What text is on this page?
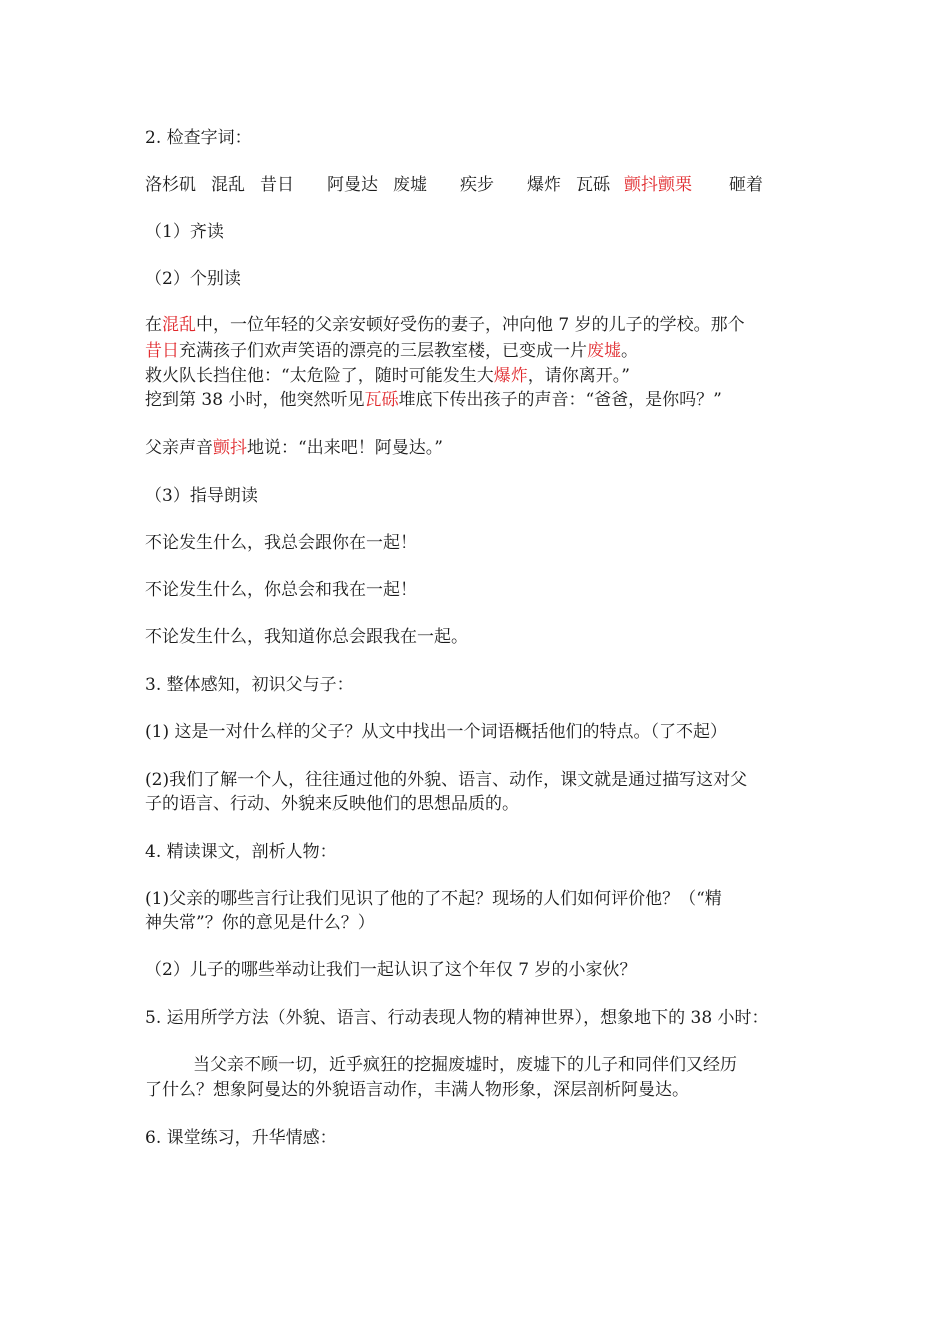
2. 检查字词：
洛杉矶 混乱 昔日 阿曼达 废墟 疾步 爆炸 瓦砾 颤抖颤栗 砸着
（1）齐读
（2）个别读
在混乱中，一位年轻的父亲安顿好受伤的妻子，冲向他 7 岁的儿子的学校。那个
昔日充满孩子们欢声笑语的漂亮的三层教室楼，已变成一片废墟。
救火队长挡住他：“太危险了，随时可能发生大爆炸，请你离开。”
挖到第 38 小时，他突然听见瓦砾堆底下传出孩子的声音：“爸爸，是你吗？”
父亲声音颤抖地说：“出来吧！阿曼达。”
（3）指导朗读
不论发生什么，我总会跟你在一起！
不论发生什么，你总会和我在一起！
不论发生什么，我知道你总会跟我在一起。
3. 整体感知，初识父与子：
(1) 这是一对什么样的父子？从文中找出一个词语概括他们的特点。（了不起）
(2)我们了解一个人，往往通过他的外貌、语言、动作，课文就是通过描写这对父
子的语言、行动、外貌来反映他们的思想品质的。
4. 精读课文，剖析人物：
(1)父亲的哪些言行让我们见识了他的了不起？现场的人们如何评价他？（“精
神失常”？你的意见是什么？）
（2）儿子的哪些举动让我们一起认识了这个年仅 7 岁的小家伙？
5. 运用所学方法（外貌、语言、行动表现人物的精神世界），想象地下的 38 小时：
当父亲不顾一切，近乎疯狂的挖掘废墟时，废墟下的儿子和同伴们又经历
了什么？想象阿曼达的外貌语言动作，丰满人物形象，深层剖析阿曼达。
6. 课堂练习，升华情感：
